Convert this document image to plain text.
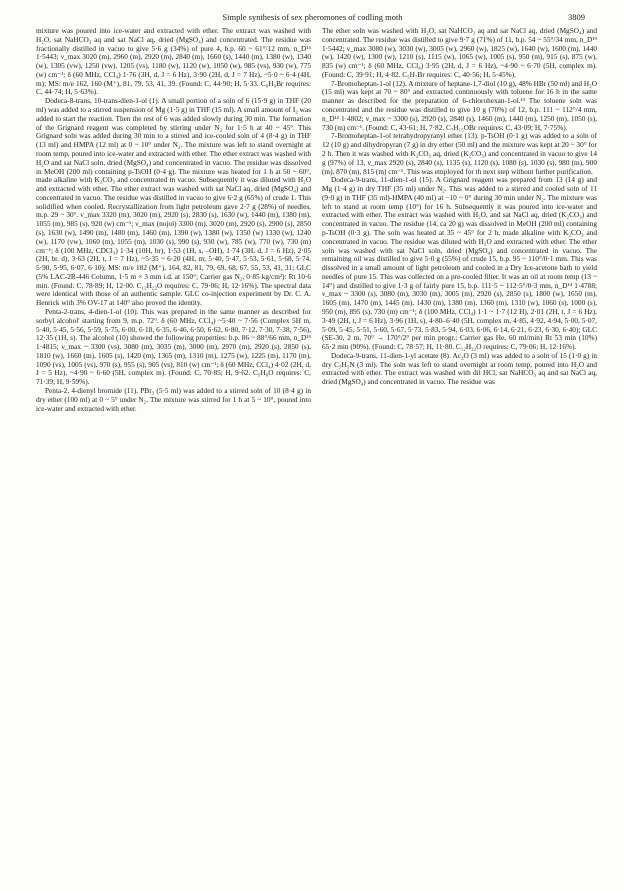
Simple synthesis of sex pheromones of codling moth	3809

mixture was poured into ice-water and extracted with ether. The extract was washed with H₂O, sat NaHCO₃ aq and sat NaCl aq, dried (MgSO₄) and concentrated. The residue was fractionally distilled in vacuo to give 5·6 g (34%) of pure 4, b.p. 60 ~ 61°/12 mm, n_D¹⁵ 1·5443; ν_max 3020 (m), 2960 (m), 2920 (m), 2840 (m), 1660 (s), 1440 (m), 1380 (w), 1340 (w), 1305 (vw), 1250 (vw), 1205 (vs), 1180 (w), 1120 (w), 1050 (w), 985 (vs), 930 (w), 775 (w) cm⁻¹; δ (60 MHz, CCl₄) 1·76 (3H, d, J = 6 Hz), 3·90 (2H, d, J = 7 Hz), ~5·0 ~ 6·4 (4H, m); MS: m/e 162, 160 (M⁺), 81, 79, 53, 41, 39. (Found: C, 44·90; H, 5·33. C₆H₉Br requires: C, 44·74; H, 5·63%).

Dodeca-8-trans, 10-trans-dien-1-ol (1). A small portion of a soln of 6 (15·9 g) in THF (20 ml) was added to a stirred suspension of Mg (1·5 g) in THF (15 ml). A small amount of I₂ was added to start the reaction. Then the rest of 6 was added slowly during 30 min. The formation of the Grignard reagent was completed by stirring under N₂ for 1·5 h at 40 ~ 45°. This Grignard soln was added during 30 min to a stirred and ice-cooled soln of 4 (8·4 g) in THF (13 ml) and HMPA (12 ml) at 0 ~ 10° under N₂. The mixture was left to stand overnight at room temp, poured into ice-water and extracted with ether. The ether extract was washed with H₂O and sat NaCl soln, dried (MgSO₄) and concentrated in vacuo. The residue was dissolved in MeOH (200 ml) containing p-TsOH (0·4 g). The mixture was heated for 1 h at 50 ~ 60°, made alkaline with K₂CO₃ and concentrated in vacuo. Subsequently it was diluted with H₂O and extracted with ether. The ether extract was washed with sat NaCl aq, dried (MgSO₄) and concentrated in vacuo. The residue was distilled in vacuo to give 6·2 g (65%) of crude 1. This solidified when cooled. Recrystallization from light petroleum gave 2·7 g (28%) of needles, m.p. 29 ~ 30°. ν_max 3320 (m), 3020 (m), 2920 (s), 2830 (s), 1630 (w), 1440 (m), 1380 (m), 1055 (m), 985 (s), 920 (w) cm⁻¹; ν_max (nujol) 3300 (m), 3020 (m), 2920 (s), 2900 (s), 2850 (s), 1630 (w), 1490 (m), 1480 (m), 1460 (m), 1390 (w), 1380 (w), 1350 (w) 1330 (w), 1240 (w), 1170 (vw), 1060 (m), 1055 (m), 1030 (s), 990 (s), 930 (w), 785 (w), 770 (w), 730 (m) cm⁻¹; δ (100 MHz, CDCl₃) 1·34 (10H, br), 1·53 (1H, s, –OH), 1·74 (3H, d, J = 6 Hz), 2·05 (2H, br. d), 3·63 (2H, t, J = 7 Hz), ~5·35 ~ 6·20 (4H, m; 5·40, 5·47, 5·53, 5·61, 5·68, 5·74, 5·90, 5·95, 6·07, 6·10); MS: m/e 182 (M⁺), 164, 82, 81, 79, 69, 68, 67, 55, 53, 41, 31; GLC (5% LAC-2R-446 Column, 1·5 m × 3 mm i.d. at 150°; Carrier gas N₂, 0·85 kg/cm²): Rt 10·6 min. (Found: C, 78·89; H, 12·00. C₁₂H₂₂O requires: C, 79·06; H, 12·16%). The spectral data were identical with those of an authentic sample. GLC co-injection experiment by Dr. C. A. Henrick with 3% OV-17 at 140° also proved the identity.

Penta-2-trans, 4-dien-1-ol (10). This was prepared in the same manner as described for sorbyl alcohol' starting from 9, m.p. 72°. δ (60 MHz, CCl₄) ~5·40 ~ 7·56 (Complex 5H m, 5·40, 5·45, 5·56, 5·59, 5·75, 6·00, 6·18, 6·35, 6·46, 6·50, 6·62, 6·80, 7·12, 7·30, 7·38, 7·56), 12·35 (1H, s). The alcohol (10) showed the following properties: b.p. 86 ~ 88°/66 mm, n_D¹⁹ 1·4815; ν_max ~ 3300 (vs), 3080 (m), 3035 (m), 3000 (m), 2970 (m), 2920 (s), 2850 (s), 1810 (w), 1660 (m), 1605 (s), 1420 (m), 1365 (m), 1310 (m), 1275 (w), 1225 (m), 1170 (m), 1090 (vs), 1005 (vs), 970 (s), 955 (s), 905 (vs), 810 (w) cm⁻¹; δ (60 MHz, CCl₄) 4·02 (2H, d, J = 5 Hz), ~4·90 ~ 6·60 (5H, complex m). (Found: C, 70·85; H, 9·62. C₅H₈O requires: C, 71·39; H, 9·59%).

Penta-2, 4-dienyl bromide (11). PBr₃ (5·5 ml) was added to a stirred soln of 10 (8·4 g) in dry ether (100 ml) at 0 ~ 5° under N₂. The mixture was stirred for 1 h at 5 ~ 10°, poured into ice-water and extracted with ether.

The ether soln was washed with H₂O, sat NaHCO₃ aq and sat NaCl aq, dried (MgSO₄) and concentrated. The residue was distilled to give 9·7 g (71%) of 11, b.p. 54 ~ 55°/34 mm, n_D¹⁹ 1·5442; ν_max 3080 (w), 3030 (w), 3005 (w), 2960 (w), 1825 (w), 1640 (w), 1600 (m), 1440 (w), 1420 (w), 1300 (w), 1210 (s), 1115 (w), 1065 (w), 1005 (s), 950 (m), 915 (s), 875 (w), 835 (w) cm⁻¹; δ (60 MHz, CCl₄) 3·95 (2H, d, J = 6 Hz), ~4·90 ~ 6·70 (5H, complex m). (Found: C, 39·91; H, 4·82. C₅H₇Br requires: C, 40·56; H, 5·45%).

7-Bromoheptan-1-ol (12). A mixture of heptane-1,7-diol (10 g), 48% HBr (50 ml) and H₂O (15 ml) was kept at 70 ~ 80° and extracted continuously with toluene for 16 h in the same manner as described for the preparation of 6-chlorohexan-1-ol.¹³ The toluene soln was concentrated and the residue was distilled to give 10 g (70%) of 12, b.p. 111 ~ 112°/4 mm, n_D¹² 1·4802; ν_max ~ 3300 (s), 2920 (s), 2840 (s), 1460 (m), 1440 (m), 1250 (m), 1050 (s), 730 (m) cm⁻¹. (Found: C, 43·61; H, 7·82. C₇H₁₅OBr requires: C, 43·09; H, 7·75%).

7-Bromoheptan-1-ol tetrahydropyranyl ether (13). p-TsOH (0·1 g) was added to a soln of 12 (10 g) and dihydropyran (7 g) in dry ether (50 ml) and the mixture was kept at 20 ~ 30° for 2 h. Then it was washed with K₂CO₃ aq, dried (K₂CO₃) and concentrated in vacuo to give 14 g (97%) of 13, ν_max 2920 (s), 2840 (s), 1135 (s), 1120 (s), 1080 (s), 1030 (s), 980 (m), 900 (m), 870 (m), 815 (m) cm⁻¹. This was employed for th next step without further purification.

Dodeca-9-trans, 11-dien-1-ol (15). A Grignard reagent was prepared from 13 (14 g) and Mg (1·4 g) in dry THF (35 ml) under N₂. This was added to a stirred and cooled soln of 11 (9·0 g) in THF (35 ml)-HMPA (40 ml) at −10 ~ 0° during 30 min under N₂. The mixture was left to stand at room temp (10°) for 16 h. Subsequently it was poured into ice-water and extracted with ether. The extract was washed with H₂O, and sat NaCl aq, dried (K₂CO₃) and concentrated in vacuo. The residue (14, ca 20 g) was dissolved in MeOH (200 ml) containing p-TsOH (0·3 g). The soln was heated at 35 ~ 45° for 2 h, made alkaline with K₂CO₃ and concentrated in vacuo. The residue was diluted with H₂O and extracted with ether. The ether soln was washed with sat NaCl soln, dried (MgSO₄) and concentrated in vacuo. The remaining oil was distilled to give 5·0 g (55%) of crude 15, b.p. 95 ~ 110°/0·1 mm. This was dissolved in a small amount of light petroleum and cooled in a Dry Ice-acetone bath to yield needles of pure 15. This was collected on a pre-cooled filter. It was an oil at room temp (13 ~ 14°) and distilled to give 1·3 g of fairly pure 15, b.p. 111·5 ~ 112·5°/0·3 mm, n_D¹⁴ 1·4788; ν_max ~ 3300 (s), 3080 (m), 3030 (m), 3005 (m), 2920 (s), 2850 (s), 1800 (w), 1650 (m), 1605 (m), 1470 (m), 1445 (m), 1430 (m), 1380 (m), 1360 (m), 1310 (w), 1060 (s), 1000 (s), 950 (m), 895 (s), 730 (m) cm⁻¹; δ (100 MHz, CCl₄) 1·1 ~ 1·7 (12 H), 2·01 (2H, t, J = 6 Hz), 3·49 (2H, t, J = 6 Hz), 3·96 (1H, s), 4·80–6·40 (5H, complex m, 4·85, 4·92, 4·94, 5·00, 5·07, 5·09, 5·45, 5·51, 5·60, 5·67, 5·73, 5·83, 5·94, 6·03, 6·06, 6·14, 6·21, 6·23, 6·30, 6·40); GLC (SE-30, 2 m, 70° → 170°/2° per min progr.; Carrier gas He, 60 ml/min) Rt 53 min (10%) 65·2 min (90%). (Found: C, 78·57; H, 11·80. C₁₂H₂₂O requires: C, 79·06; H, 12·16%).

Dodeca-9-trans, 11-dien-1-yl acetate (8). Ac₂O (3 ml) was added to a soln of 15 (1·0 g) in dry C₅H₅N (3 ml). The soln was left to stand overnight at room temp, poured into H₂O and extracted with ether. The extract was washed with dil HCl, sat NaHCO₃ aq and sat NaCl aq, dried (MgSO₄) and concentrated in vacuo. The residue was
